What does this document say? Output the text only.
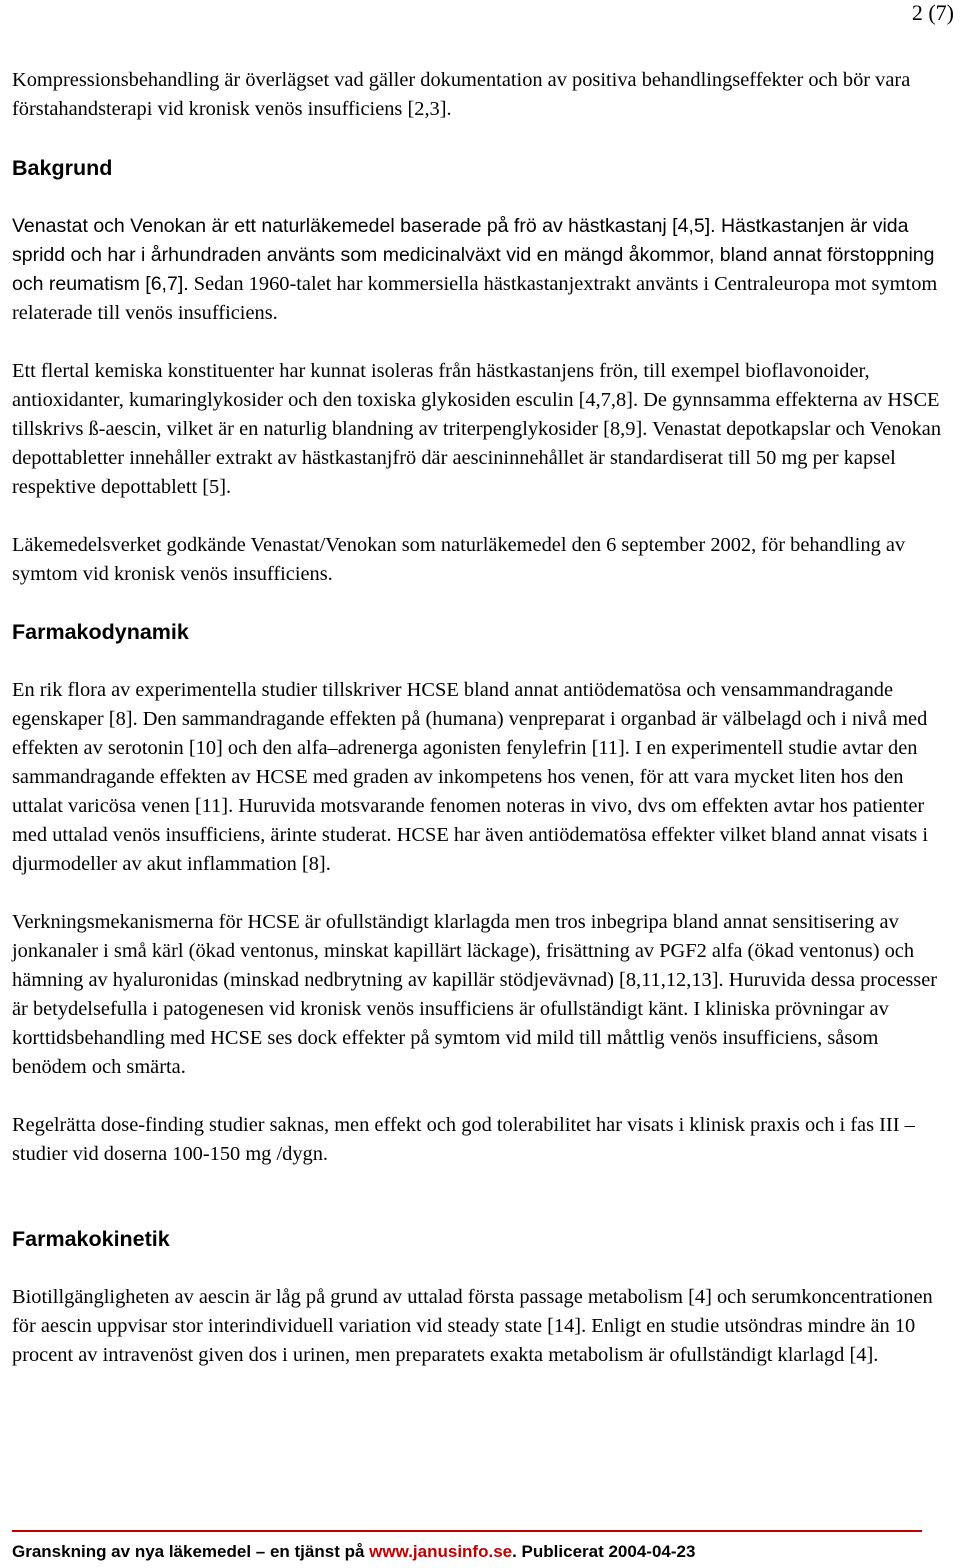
2 (7)

Kompressionsbehandling är överlägset vad gäller dokumentation av positiva behandlingseffekter och bör vara förstahandsterapi vid kronisk venös insufficiens [2,3].

Bakgrund

Venastat och Venokan är ett naturläkemedel baserade på frö av hästkastanj [4,5]. Hästkastanjen är vida spridd och har i århundraden använts som medicinalväxt vid en mängd åkommor, bland annat förstoppning och reumatism [6,7]. Sedan 1960-talet har kommersiella hästkastanjextrakt använts i Centraleuropa mot symtom relaterade till venös insufficiens.

Ett flertal kemiska konstituenter har kunnat isoleras från hästkastanjens frön, till exempel bioflavonoider, antioxidanter, kumaringlykosider och den toxiska glykosiden esculin [4,7,8]. De gynnsamma effekterna av HSCE tillskrivs ß-aescin, vilket är en naturlig blandning av triterpenglykosider [8,9]. Venastat depotkapslar och Venokan depottabletter innehåller extrakt av hästkastanjfrö där aescininnehållet är standardiserat till 50 mg per kapsel respektive depottablett [5].

Läkemedelsverket godkände Venastat/Venokan som naturläkemedel den 6 september 2002, för behandling av symtom vid kronisk venös insufficiens.

Farmakodynamik

En rik flora av experimentella studier tillskriver HCSE bland annat antiödematösa och vensammandragande egenskaper [8]. Den sammandragande effekten på (humana) venpreparat i organbad är välbelagd och i nivå med effekten av serotonin [10] och den alfa–adrenerga agonisten fenylefrin [11]. I en experimentell studie avtar den sammandragande effekten av HCSE med graden av inkompetens hos venen, för att vara mycket liten hos den uttalat varicösa venen [11]. Huruvida motsvarande fenomen noteras in vivo, dvs om effekten avtar hos patienter med uttalad venös insufficiens, ärinte studerat. HCSE har även antiödematösa effekter vilket bland annat visats i djurmodeller av akut inflammation [8].

Verkningsmekanismerna för HCSE är ofullständigt klarlagda men tros inbegripa bland annat sensitisering av jonkanaler i små kärl (ökad ventonus, minskat kapillärt läckage), frisättning av PGF2 alfa (ökad ventonus) och hämning av hyaluronidas (minskad nedbrytning av kapillär stödjevävnad) [8,11,12,13]. Huruvida dessa processer är betydelsefulla i patogenesen vid kronisk venös insufficiens är ofullständigt känt. I kliniska prövningar av korttidsbehandling med HCSE ses dock effekter på symtom vid mild till måttlig venös insufficiens, såsom benödem och smärta.

Regelrätta dose-finding studier saknas, men effekt och god tolerabilitet har visats i klinisk praxis och i fas III –studier vid doserna 100-150 mg /dygn.

Farmakokinetik

Biotillgängligheten av aescin är låg på grund av uttalad första passage metabolism [4] och serumkoncentrationen för aescin uppvisar stor interindividuell variation vid steady state [14]. Enligt en studie utsöndras mindre än 10 procent av intravenöst given dos i urinen, men preparatets exakta metabolism är ofullständigt klarlagd [4].

Granskning av nya läkemedel – en tjänst på www.janusinfo.se. Publicerat 2004-04-23
